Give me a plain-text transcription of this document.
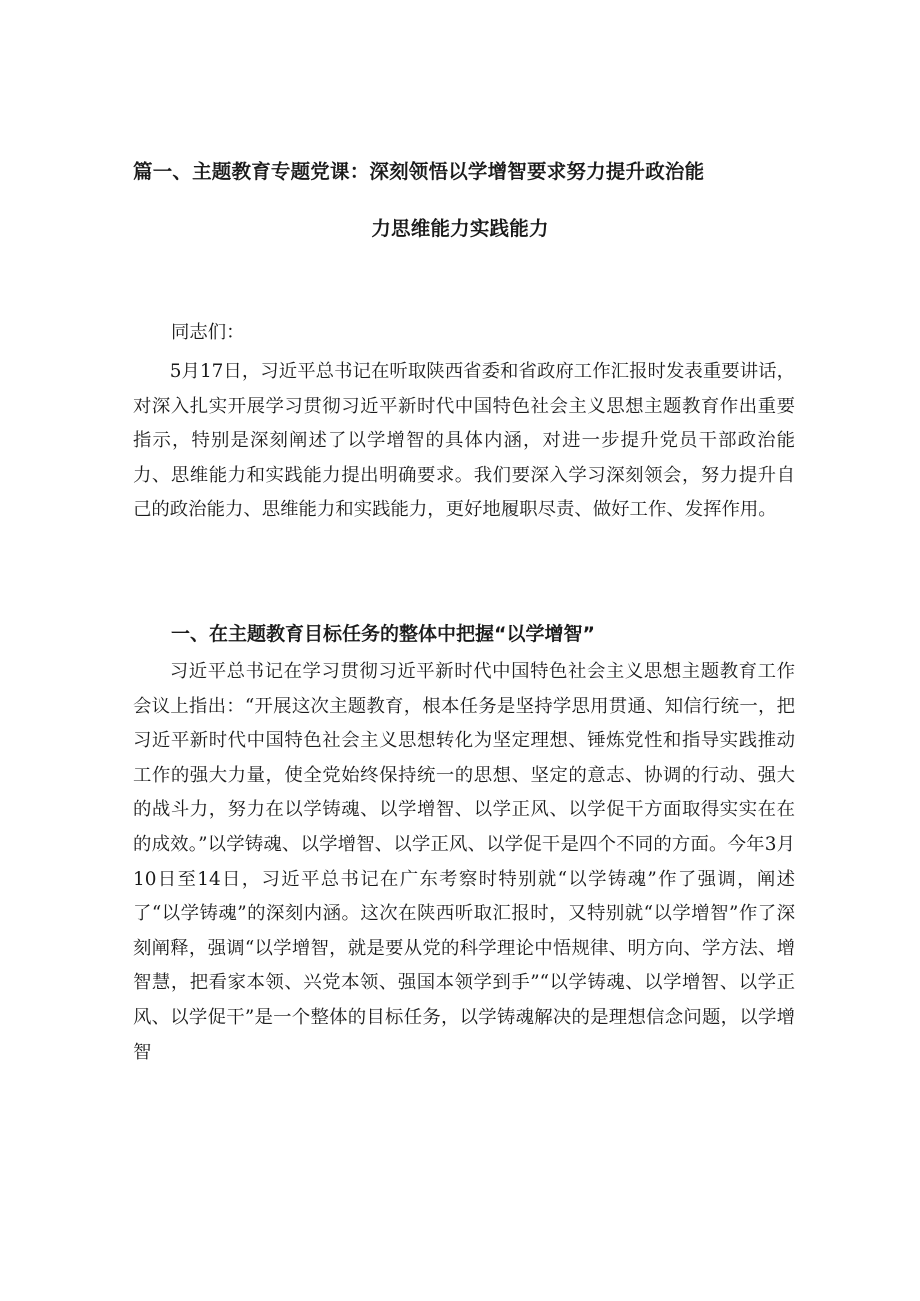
篇一、主题教育专题党课：深刻领悟以学增智要求努力提升政治能
力思维能力实践能力

同志们：

5月17日，习近平总书记在听取陕西省委和省政府工作汇报时发表重要讲话，对深入扎实开展学习贯彻习近平新时代中国特色社会主义思想主题教育作出重要指示，特别是深刻阐述了以学增智的具体内涵，对进一步提升党员干部政治能力、思维能力和实践能力提出明确要求。我们要深入学习深刻领会，努力提升自己的政治能力、思维能力和实践能力，更好地履职尽责、做好工作、发挥作用。

一、在主题教育目标任务的整体中把握“以学增智”

习近平总书记在学习贯彻习近平新时代中国特色社会主义思想主题教育工作会议上指出：“开展这次主题教育，根本任务是坚持学思用贯通、知信行统一，把习近平新时代中国特色社会主义思想转化为坚定理想、锤炼党性和指导实践推动工作的强大力量，使全党始终保持统一的思想、坚定的意志、协调的行动、强大的战斗力，努力在以学铸魂、以学增智、以学正风、以学促干方面取得实实在在的成效。”以学铸魂、以学增智、以学正风、以学促干是四个不同的方面。今年3月10日至14日，习近平总书记在广东考察时特别就“以学铸魂”作了强调，阐述了“以学铸魂”的深刻内涵。这次在陕西听取汇报时，又特别就“以学增智”作了深刻阐释，强调“以学增智，就是要从党的科学理论中悟规律、明方向、学方法、增智慧，把看家本领、兴党本领、强国本领学到手”“以学铸魂、以学增智、以学正风、以学促干”是一个整体的目标任务，以学铸魂解决的是理想信念问题，以学增智
